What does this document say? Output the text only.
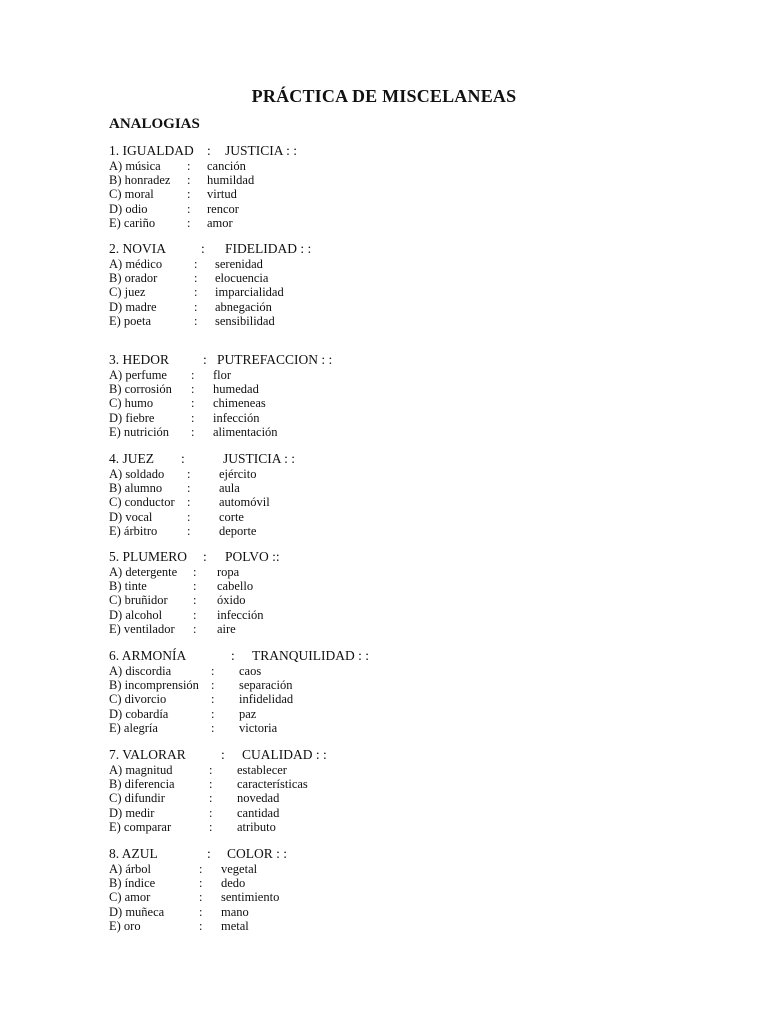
PRÁCTICA DE MISCELANEAS
ANALOGIAS
1. IGUALDAD : JUSTICIA : :
A) música : canción
B) honradez : humildad
C) moral	: virtud
D) odio	: rencor
E) cariño	: amor
2. NOVIA	: FIDELIDAD : :
A) médico	: serenidad
B) orador	: elocuencia
C) juez	: imparcialidad
D) madre	: abnegación
E) poeta	: sensibilidad
3. HEDOR	: PUTREFACCION : :
A) perfume : flor
B) corrosión : humedad
C) humo	: chimeneas
D) fiebre	: infección
E) nutrición : alimentación
4. JUEZ :	JUSTICIA : :
A) soldado : ejército
B) alumno : aula
C) conductor : automóvil
D) vocal	: corte
E) árbitro : deporte
5. PLUMERO : POLVO ::
A) detergente : ropa
B) tinte	: cabello
C) bruñidor : óxido
D) alcohol : infección
E) ventilador : aire
6. ARMONÍA	: TRANQUILIDAD : :
A) discordia	: caos
B) incomprensión : separación
C) divorcio	: infidelidad
D) cobardía	: paz
E) alegría	: victoria
7. VALORAR	: CUALIDAD : :
A) magnitud	: establecer
B) diferencia	: características
C) difundir	: novedad
D) medir	: cantidad
E) comparar	: atributo
8. AZUL	: COLOR : :
A) árbol	: vegetal
B) índice	: dedo
C) amor	: sentimiento
D) muñeca	: mano
E) oro	: metal
